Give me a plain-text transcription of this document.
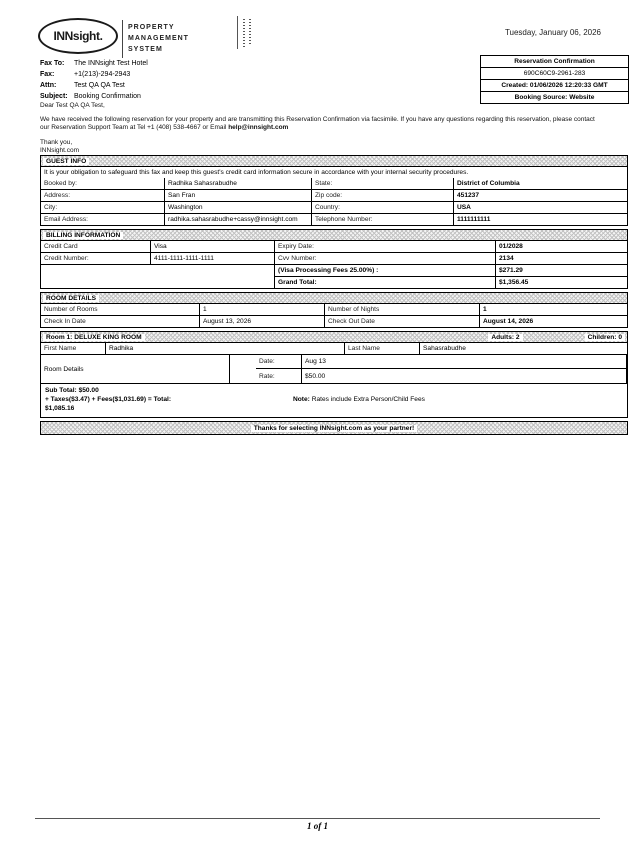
INNsight.
PROPERTY
MANAGEMENT
SYSTEM
Tuesday, January 06, 2026
Reservation Confirmation
690C60C9-2961-283
Created: 01/06/2026 12:20:33 GMT
Booking Source: Website
Fax To:	The INNsight Test Hotel
Fax:	+1(213)-294-2943
Attn:	Test QA QA Test
Subject: Booking Confirmation
Dear Test QA QA Test,
We have received the following reservation for your property and are transmitting this Reservation Confirmation via facsimile. If you have any questions regarding this reservation, please contact our Reservation Support Team at Tel +1 (408) 538-4667 or Email help@innsight.com
Thank you,
INNsight.com
GUEST INFO
It is your obligation to safeguard this fax and keep this guest's credit card information secure in accordance with your internal security procedures.
Booked by:	Radhika Sahasrabudhe	State:	District of Columbia
Address:	San Fran	Zip code:	451237
City:	Washington	Country:	USA
Email Address:	radhika.sahasrabudhe+cassy@innsight.com	Telephone Number:	1111111111
BILLING INFORMATION
Credit Card	Visa	Expiry Date:	01/2028
Credit Number:	4111-1111-1111-1111	Cvv Number:	2134
(Visa Processing Fees 25.00%) :	$271.29
Grand Total:	$1,356.45
ROOM DETAILS
Number of Rooms	1	Number of Nights	1
Check In Date	August 13, 2026	Check Out Date	August 14, 2026
Room 1: DELUXE KING ROOM	Adults: 2	Children: 0
First Name	Radhika	Last Name	Sahasrabudhe
Room Details
Date:	Aug 13
Rate:	$50.00
Sub Total: $50.00
+ Taxes($3.47) + Fees($1,031.69) = Total:
$1,085.16
Note: Rates include Extra Person/Child Fees
Thanks for selecting INNsight.com as your partner!
1 of 1
